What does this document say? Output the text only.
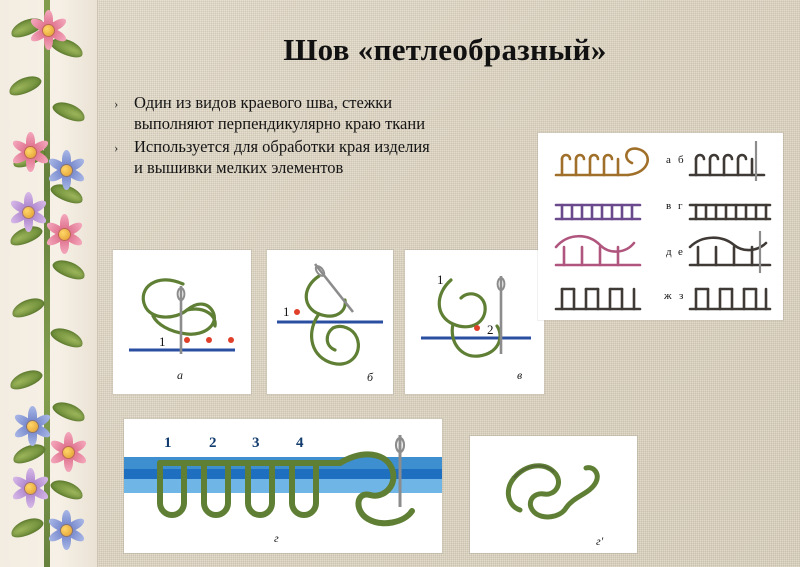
Шов «петлеобразный»
› Один из видов краевого шва, стежки выполняют перпендикулярно краю ткани
› Используется для обработки края изделия и вышивки мелких элементов
1
а
1
б
1
2
в
а б
в г
д е
ж з
1	2 3 4
г	г'
